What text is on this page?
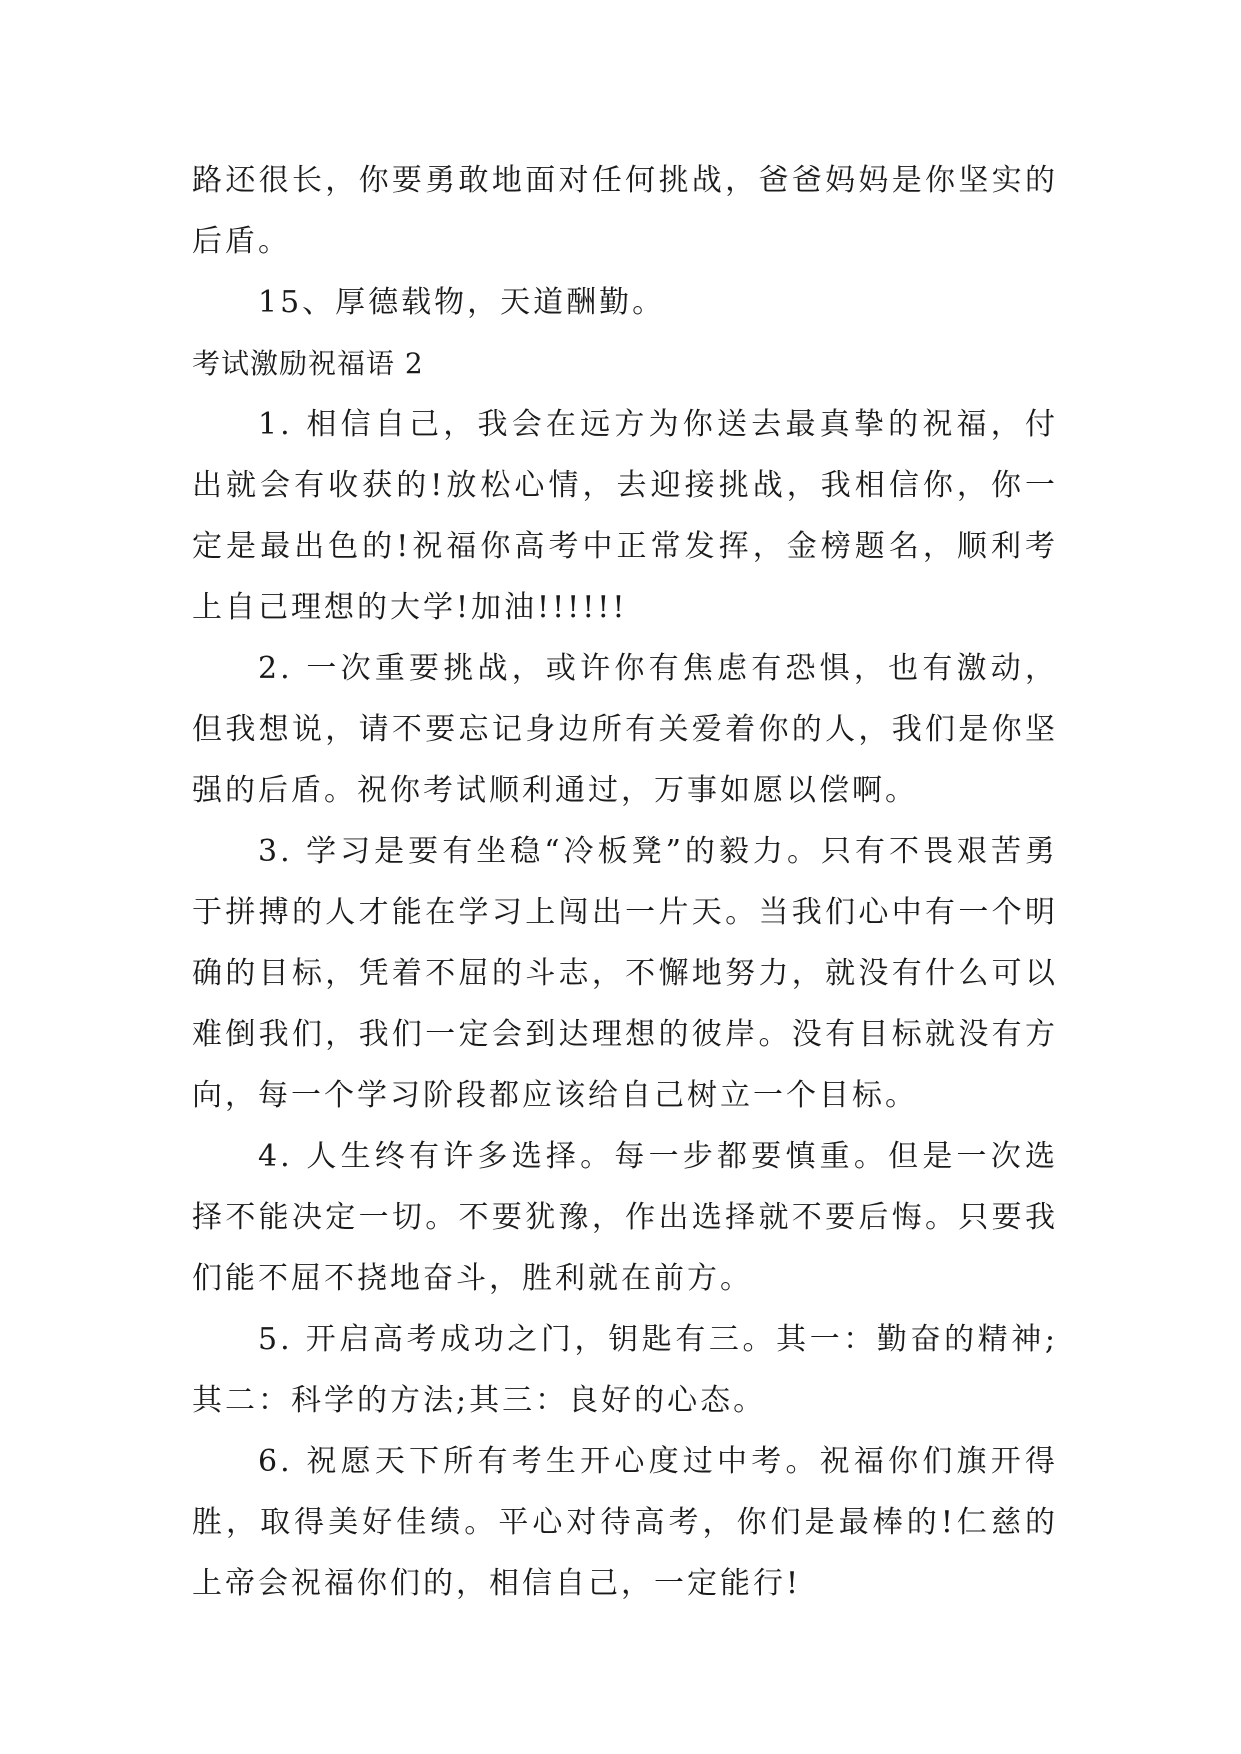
路还很长，你要勇敢地面对任何挑战，爸爸妈妈是你坚实的后盾。

15、厚德载物，天道酬勤。

考试激励祝福语 2

1. 相信自己，我会在远方为你送去最真挚的祝福，付出就会有收获的!放松心情，去迎接挑战，我相信你，你一定是最出色的!祝福你高考中正常发挥，金榜题名，顺利考上自己理想的大学!加油!!!!!!

2. 一次重要挑战，或许你有焦虑有恐惧，也有激动，但我想说，请不要忘记身边所有关爱着你的人，我们是你坚强的后盾。祝你考试顺利通过，万事如愿以偿啊。

3. 学习是要有坐稳“冷板凳”的毅力。只有不畏艰苦勇于拼搏的人才能在学习上闯出一片天。当我们心中有一个明确的目标，凭着不屈的斗志，不懈地努力，就没有什么可以难倒我们，我们一定会到达理想的彼岸。没有目标就没有方向，每一个学习阶段都应该给自己树立一个目标。

4. 人生终有许多选择。每一步都要慎重。但是一次选择不能决定一切。不要犹豫，作出选择就不要后悔。只要我们能不屈不挠地奋斗，胜利就在前方。

5. 开启高考成功之门，钥匙有三。其一：勤奋的精神;其二：科学的方法;其三：良好的心态。

6. 祝愿天下所有考生开心度过中考。祝福你们旗开得胜，取得美好佳绩。平心对待高考，你们是最棒的!仁慈的上帝会祝福你们的，相信自己，一定能行!
